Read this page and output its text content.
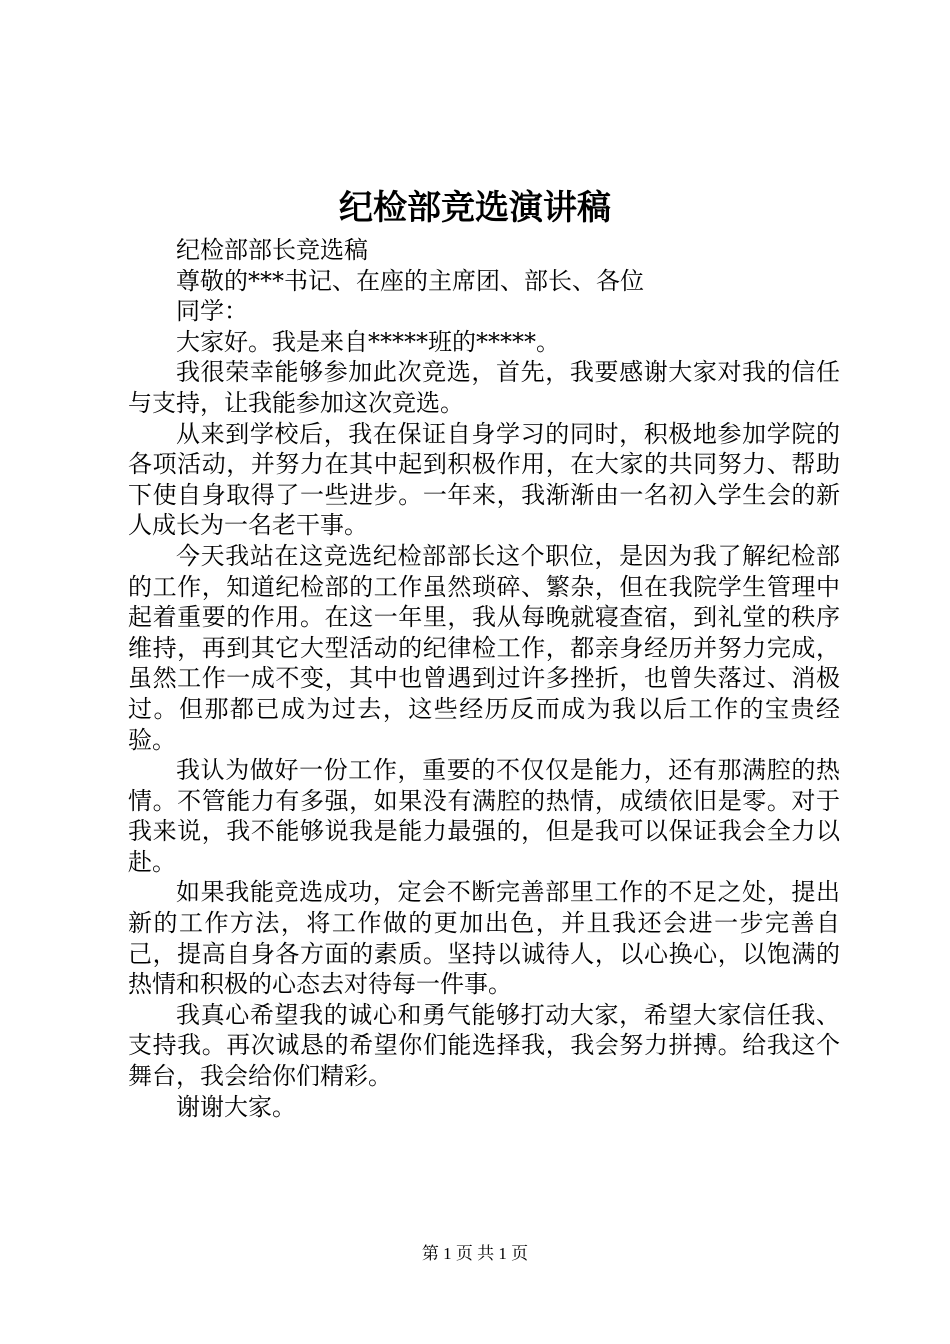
纪检部竞选演讲稿

纪检部部长竞选稿

尊敬的***书记、在座的主席团、部长、各位

同学：

大家好。我是来自*****班的*****。

我很荣幸能够参加此次竞选，首先，我要感谢大家对我的信任与支持，让我能参加这次竞选。

从来到学校后，我在保证自身学习的同时，积极地参加学院的各项活动，并努力在其中起到积极作用，在大家的共同努力、帮助下使自身取得了一些进步。一年来，我渐渐由一名初入学生会的新人成长为一名老干事。

今天我站在这竞选纪检部部长这个职位，是因为我了解纪检部的工作，知道纪检部的工作虽然琐碎、繁杂，但在我院学生管理中起着重要的作用。在这一年里，我从每晚就寝查宿，到礼堂的秩序维持，再到其它大型活动的纪律检工作，都亲身经历并努力完成，虽然工作一成不变，其中也曾遇到过许多挫折，也曾失落过、消极过。但那都已成为过去，这些经历反而成为我以后工作的宝贵经验。

我认为做好一份工作，重要的不仅仅是能力，还有那满腔的热情。不管能力有多强，如果没有满腔的热情，成绩依旧是零。对于我来说，我不能够说我是能力最强的，但是我可以保证我会全力以赴。

如果我能竞选成功，定会不断完善部里工作的不足之处，提出新的工作方法，将工作做的更加出色，并且我还会进一步完善自己，提高自身各方面的素质。坚持以诚待人，以心换心，以饱满的热情和积极的心态去对待每一件事。

我真心希望我的诚心和勇气能够打动大家，希望大家信任我、支持我。再次诚恳的希望你们能选择我，我会努力拼搏。给我这个舞台，我会给你们精彩。

谢谢大家。

第 1 页 共 1 页
